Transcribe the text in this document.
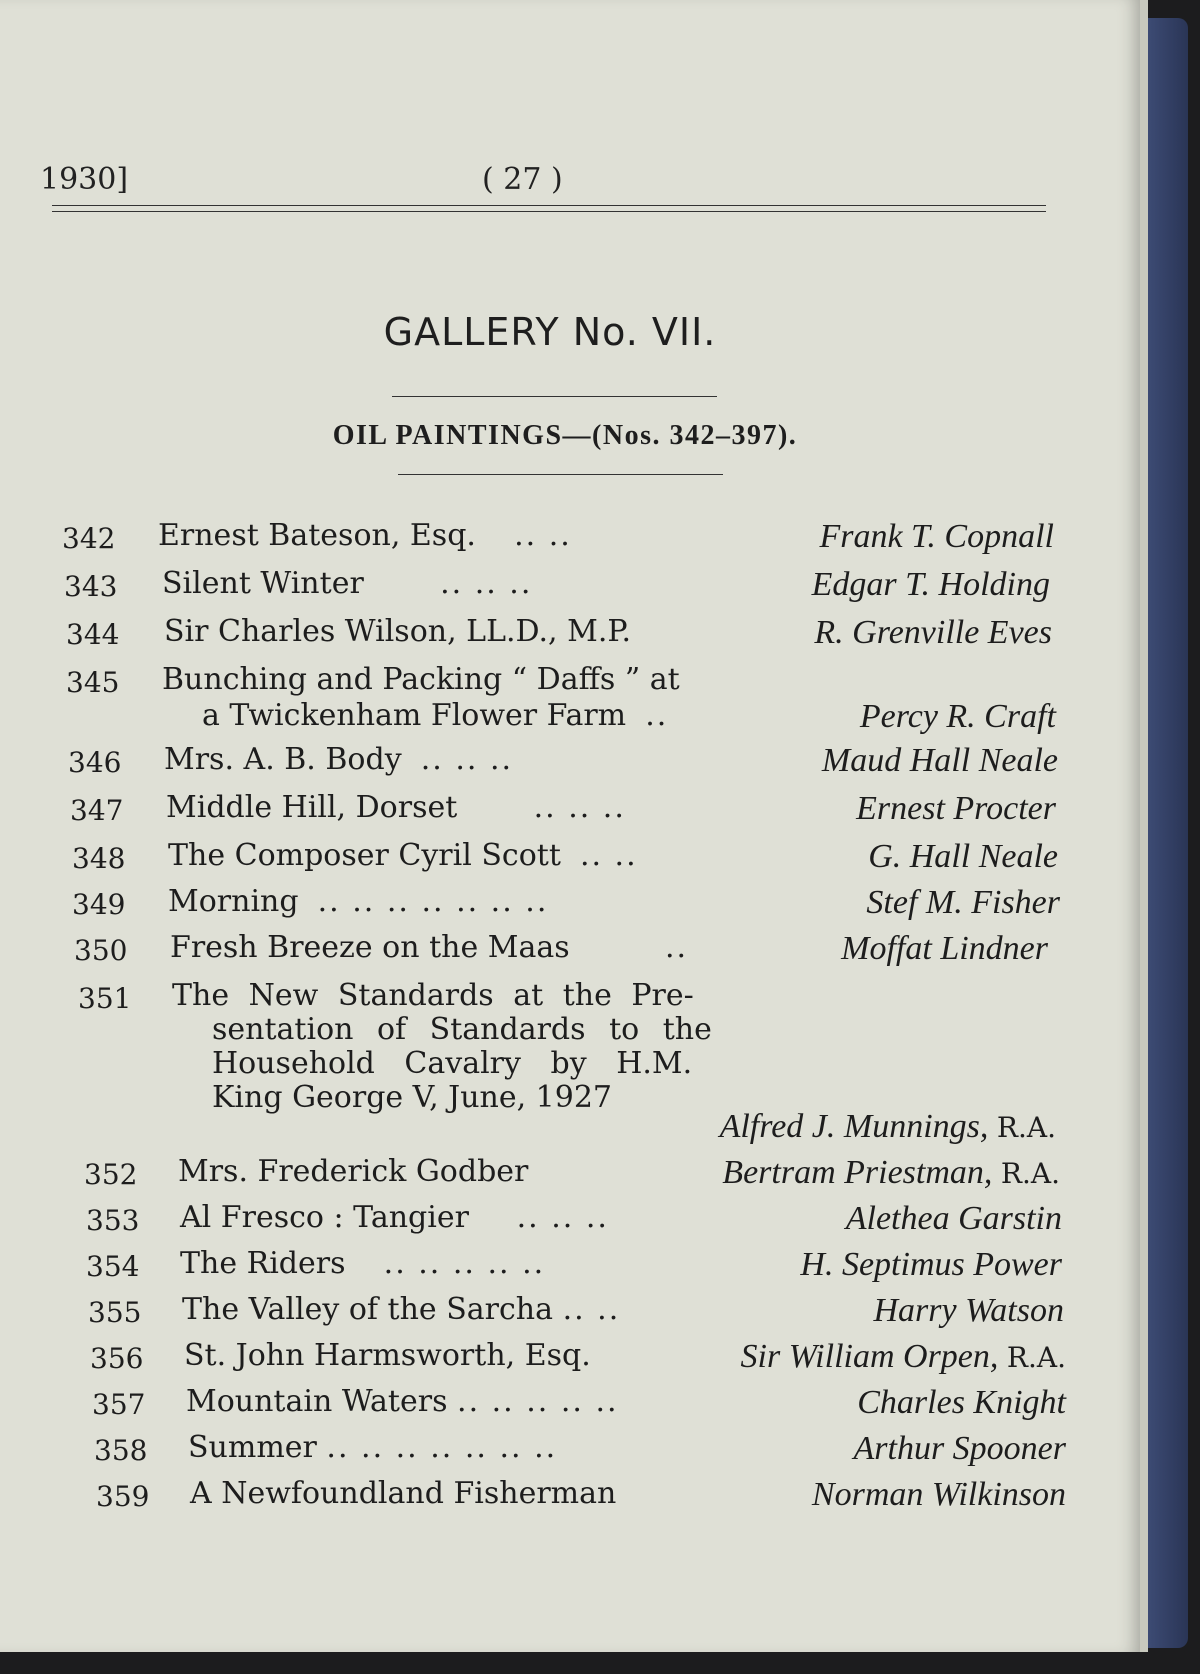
1930]	( 27 )
GALLERY No. VII.
OIL PAINTINGS—(Nos. 342–397).
342 Ernest Bateson, Esq. .. ..	Frank T. Copnall
343 Silent Winter	.. .. ..	Edgar T. Holding
344 Sir Charles Wilson, LL.D., M.P.	R. Grenville Eves
345 Bunching and Packing “ Daffs ” at
a Twickenham Flower Farm ..	Percy R. Craft
346 Mrs. A. B. Body .. .. ..	Maud Hall Neale
347 Middle Hill, Dorset	.. .. ..	Ernest Procter
348 The Composer Cyril Scott .. ..	G. Hall Neale
349 Morning .. .. .. .. .. .. ..	Stef M. Fisher
350 Fresh Breeze on the Maas	..	Moffat Lindner
351 The New Standards at the Pre-
sentation of Standards to the
Household Cavalry by H.M.
King George V, June, 1927
Alfred J. Munnings, R.A.
352 Mrs. Frederick Godber	Bertram Priestman, R.A.
353 Al Fresco : Tangier .. .. ..	Alethea Garstin
354 The Riders .. .. .. .. ..	H. Septimus Power
355 The Valley of the Sarcha .. ..	Harry Watson
356 St. John Harmsworth, Esq.	Sir William Orpen, R.A.
357 Mountain Waters .. .. .. .. ..	Charles Knight
358 Summer .. .. .. .. .. .. ..	Arthur Spooner
359 A Newfoundland Fisherman	Norman Wilkinson
